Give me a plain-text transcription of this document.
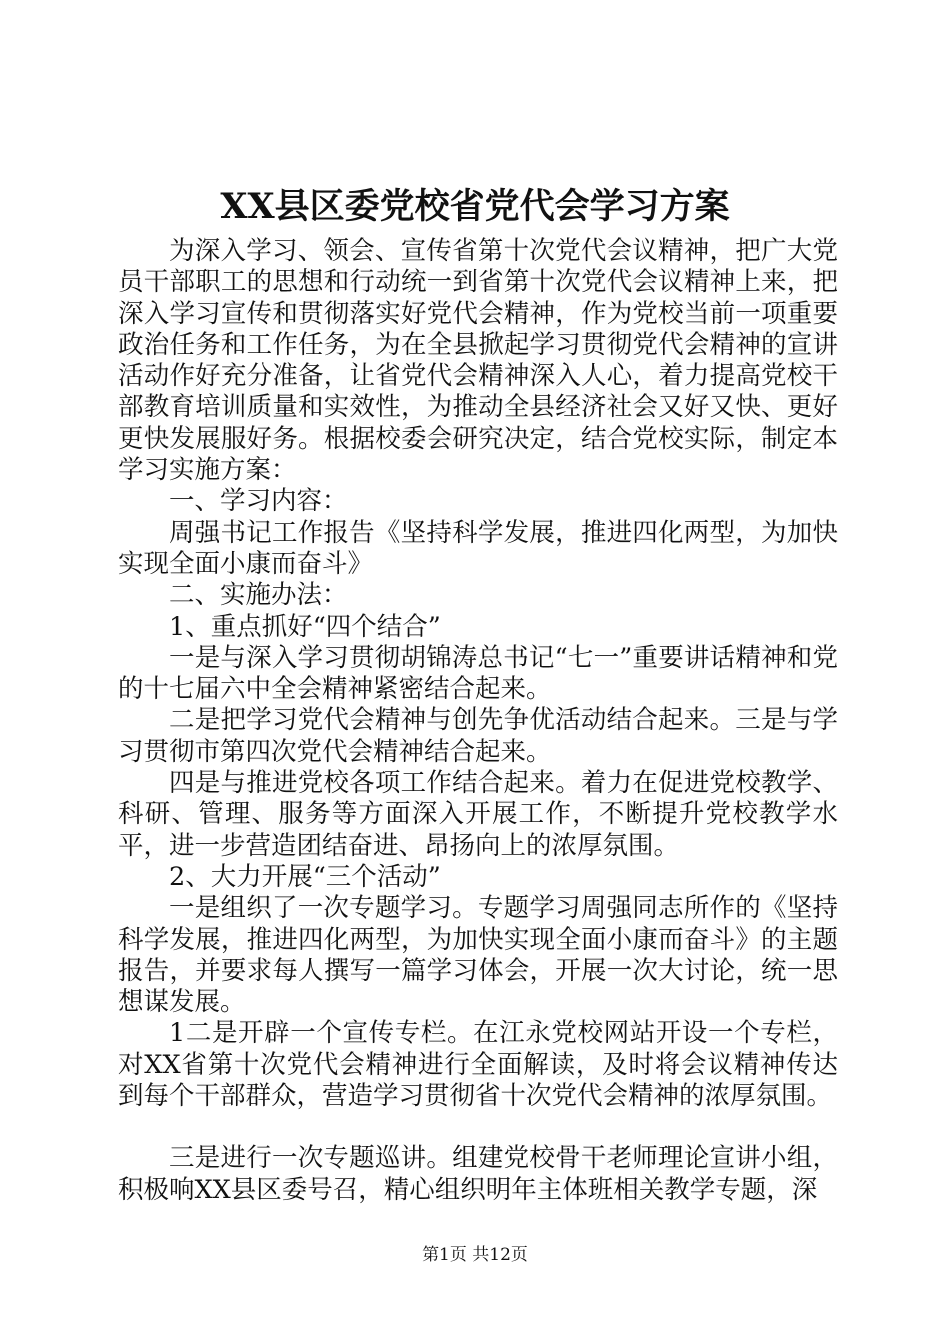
XX县区委党校省党代会学习方案

为深入学习、领会、宣传省第十次党代会议精神，把广大党员干部职工的思想和行动统一到省第十次党代会议精神上来，把深入学习宣传和贯彻落实好党代会精神，作为党校当前一项重要政治任务和工作任务，为在全县掀起学习贯彻党代会精神的宣讲活动作好充分准备，让省党代会精神深入人心，着力提高党校干部教育培训质量和实效性，为推动全县经济社会又好又快、更好更快发展服好务。根据校委会研究决定，结合党校实际，制定本学习实施方案：

一、学习内容：

周强书记工作报告《坚持科学发展，推进四化两型，为加快实现全面小康而奋斗》

二、实施办法：

1、重点抓好“四个结合”

一是与深入学习贯彻胡锦涛总书记“七一”重要讲话精神和党的十七届六中全会精神紧密结合起来。

二是把学习党代会精神与创先争优活动结合起来。三是与学习贯彻市第四次党代会精神结合起来。

四是与推进党校各项工作结合起来。着力在促进党校教学、科研、管理、服务等方面深入开展工作，不断提升党校教学水平，进一步营造团结奋进、昂扬向上的浓厚氛围。

2、大力开展“三个活动”

一是组织了一次专题学习。专题学习周强同志所作的《坚持科学发展，推进四化两型，为加快实现全面小康而奋斗》的主题报告，并要求每人撰写一篇学习体会，开展一次大讨论，统一思想谋发展。

1二是开辟一个宣传专栏。在江永党校网站开设一个专栏，对XX省第十次党代会精神进行全面解读，及时将会议精神传达到每个干部群众，营造学习贯彻省十次党代会精神的浓厚氛围。

三是进行一次专题巡讲。组建党校骨干老师理论宣讲小组，积极响XX县区委号召，精心组织明年主体班相关教学专题，深

第1页 共12页
